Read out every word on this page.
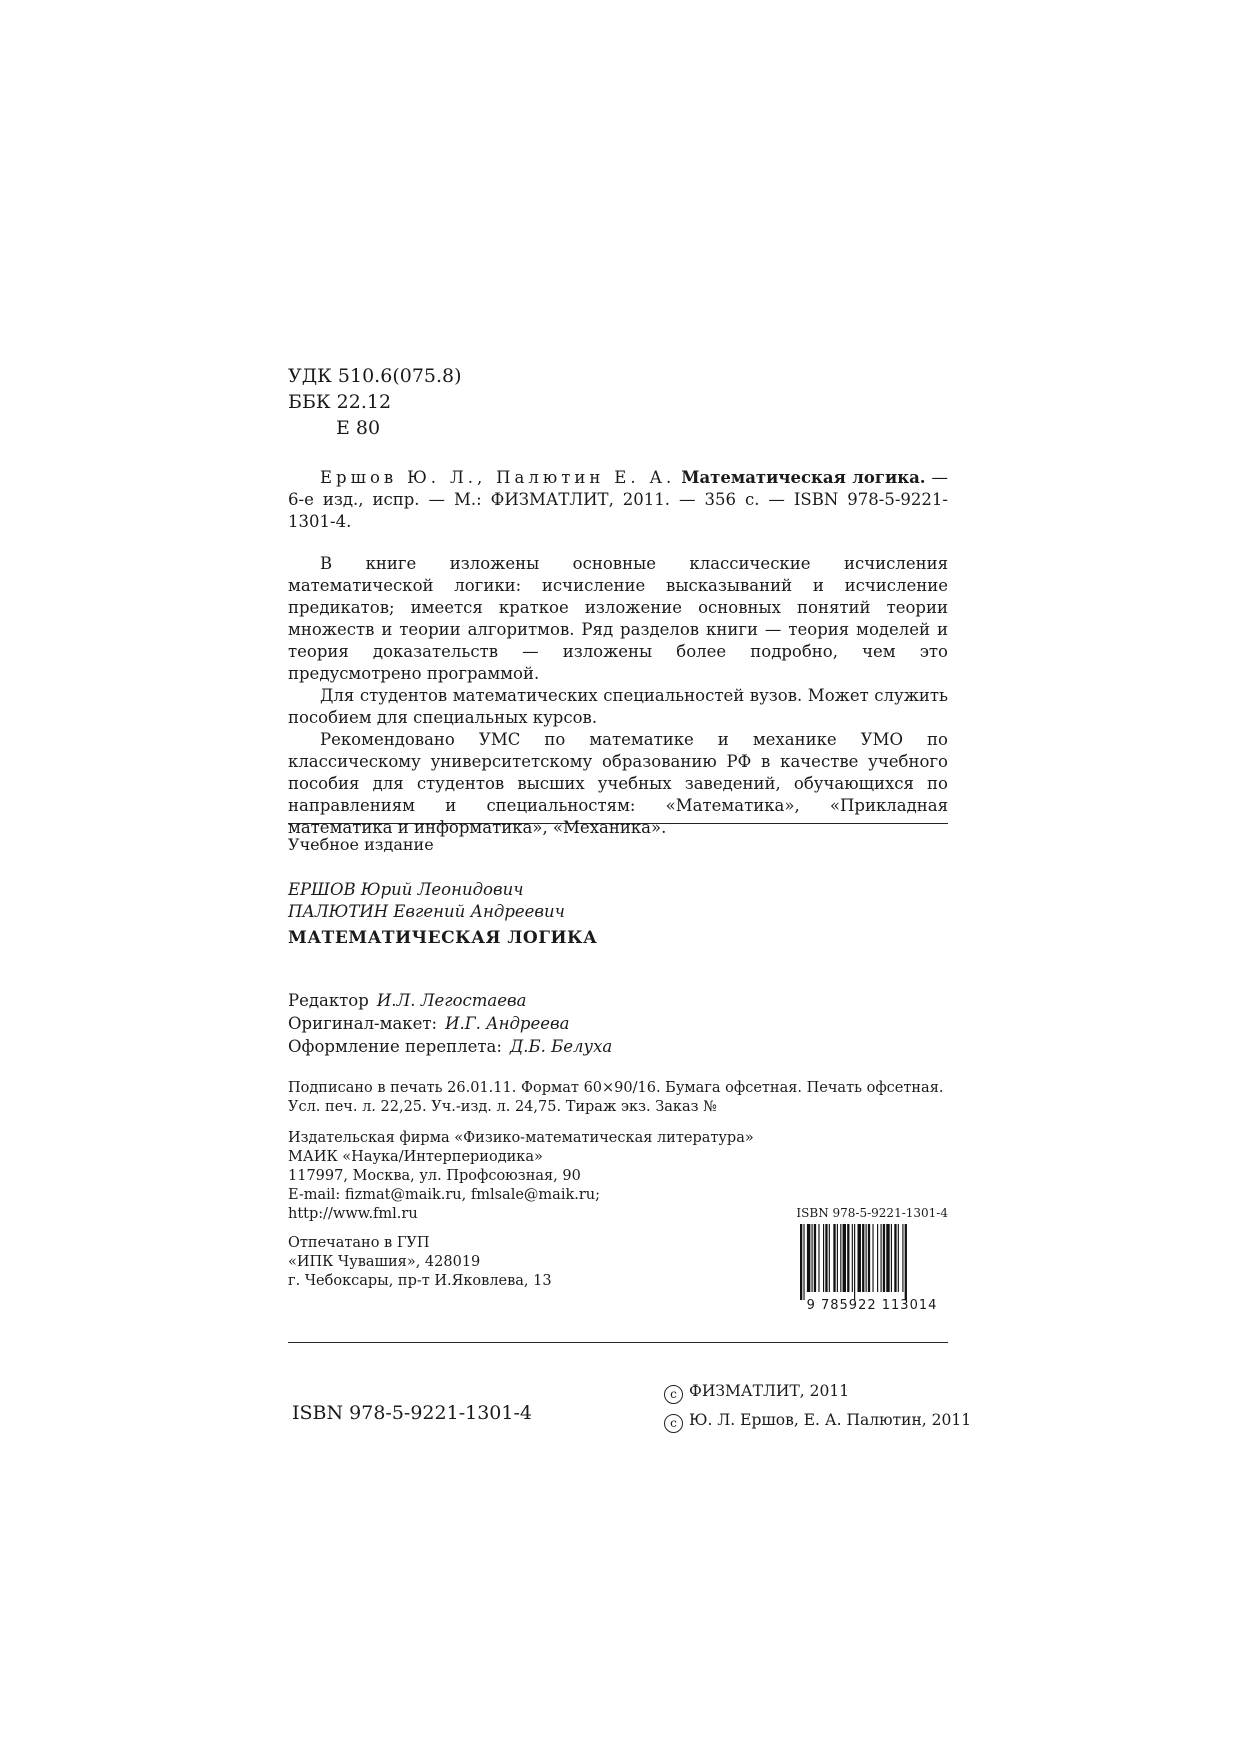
УДК 510.6(075.8)
ББК 22.12
Е 80

Ершов Ю. Л., Палютин Е. А. Математическая логика. — 6-е изд., испр. — М.: ФИЗМАТЛИТ, 2011. — 356 с. — ISBN 978-5-9221-1301-4.

В книге изложены основные классические исчисления математической логики: исчисление высказываний и исчисление предикатов; имеется краткое изложение основных понятий теории множеств и теории алгоритмов. Ряд разделов книги — теория моделей и теория доказательств — изложены более подробно, чем это предусмотрено программой.

Для студентов математических специальностей вузов. Может служить пособием для специальных курсов.

Рекомендовано УМС по математике и механике УМО по классическому университетскому образованию РФ в качестве учебного пособия для студентов высших учебных заведений, обучающихся по направлениям и специальностям: «Математика», «Прикладная математика и информатика», «Механика».

Учебное издание
ЕРШОВ Юрий Леонидович
ПАЛЮТИН Евгений Андреевич
МАТЕМАТИЧЕСКАЯ ЛОГИКА
Редактор И.Л. Легостаева
Оригинал-макет: И.Г. Андреева
Оформление переплета: Д.Б. Белуха
Подписано в печать 26.01.11. Формат 60×90/16. Бумага офсетная. Печать офсетная.
Усл. печ. л. 22,25. Уч.-изд. л. 24,75. Тираж экз. Заказ №
Издательская фирма «Физико-математическая литература»
МАИК «Наука/Интерпериодика»
117997, Москва, ул. Профсоюзная, 90
E-mail: fizmat@maik.ru, fmlsale@maik.ru;
http://www.fml.ru
Отпечатано в ГУП
«ИПК Чувашия», 428019
г. Чебоксары, пр-т И.Яковлева, 13
ISBN 978-5-9221-1301-4
9 785922 113014
ISBN 978-5-9221-1301-4
c ФИЗМАТЛИТ, 2011
c Ю. Л. Ершов, Е. А. Палютин, 2011
